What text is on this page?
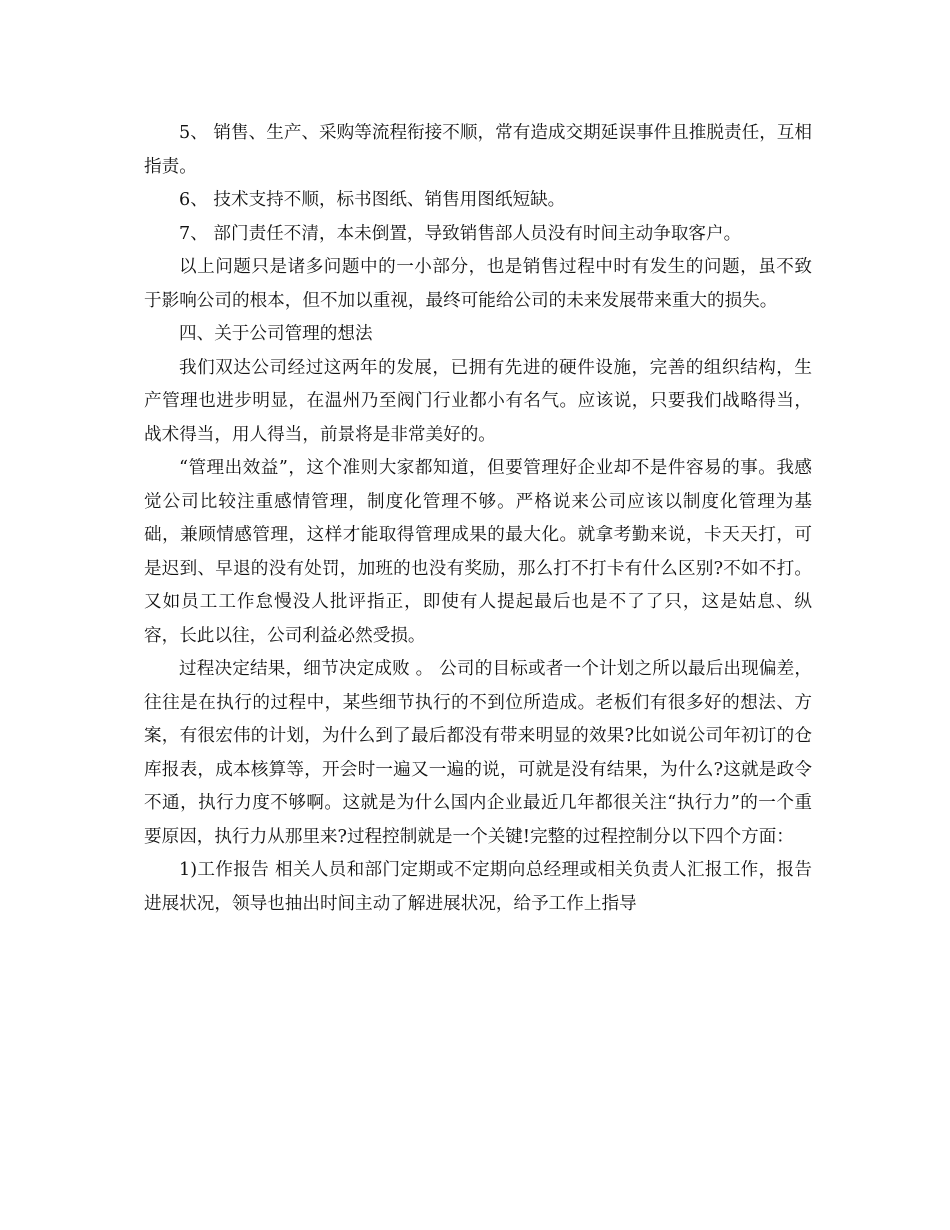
5、 销售、生产、采购等流程衔接不顺，常有造成交期延误事件且推脱责任，互相指责。

6、 技术支持不顺，标书图纸、销售用图纸短缺。

7、 部门责任不清，本未倒置，导致销售部人员没有时间主动争取客户。

以上问题只是诸多问题中的一小部分，也是销售过程中时有发生的问题，虽不致于影响公司的根本，但不加以重视，最终可能给公司的未来发展带来重大的损失。

四、关于公司管理的想法

我们双达公司经过这两年的发展，已拥有先进的硬件设施，完善的组织结构，生产管理也进步明显，在温州乃至阀门行业都小有名气。应该说，只要我们战略得当，战术得当，用人得当，前景将是非常美好的。

“管理出效益”，这个准则大家都知道，但要管理好企业却不是件容易的事。我感觉公司比较注重感情管理，制度化管理不够。严格说来公司应该以制度化管理为基础，兼顾情感管理，这样才能取得管理成果的最大化。就拿考勤来说，卡天天打，可是迟到、早退的没有处罚，加班的也没有奖励，那么打不打卡有什么区别?不如不打。又如员工工作怠慢没人批评指正，即使有人提起最后也是不了了只，这是姑息、纵容，长此以往，公司利益必然受损。

过程决定结果，细节决定成败 。 公司的目标或者一个计划之所以最后出现偏差，往往是在执行的过程中，某些细节执行的不到位所造成。老板们有很多好的想法、方案，有很宏伟的计划，为什么到了最后都没有带来明显的效果?比如说公司年初订的仓库报表，成本核算等，开会时一遍又一遍的说，可就是没有结果，为什么?这就是政令不通，执行力度不够啊。这就是为什么国内企业最近几年都很关注“执行力”的一个重要原因，执行力从那里来?过程控制就是一个关键!完整的过程控制分以下四个方面：

1)工作报告 相关人员和部门定期或不定期向总经理或相关负责人汇报工作，报告进展状况，领导也抽出时间主动了解进展状况，给予工作上指导
